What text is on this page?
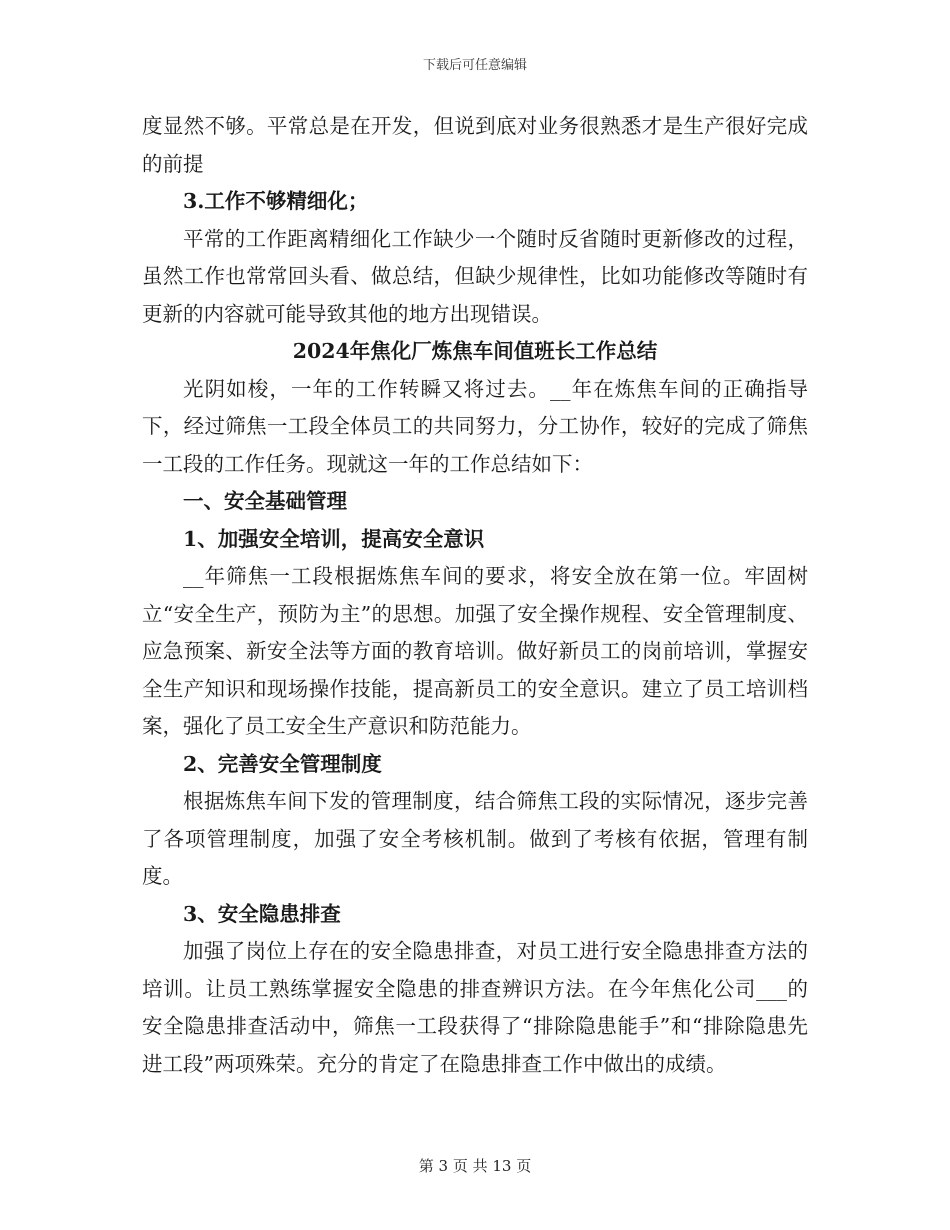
下载后可任意编辑

度显然不够。平常总是在开发，但说到底对业务很熟悉才是生产很好完成的前提

3.工作不够精细化；

平常的工作距离精细化工作缺少一个随时反省随时更新修改的过程，虽然工作也常常回头看、做总结，但缺少规律性，比如功能修改等随时有更新的内容就可能导致其他的地方出现错误。

2024年焦化厂炼焦车间值班长工作总结

光阴如梭，一年的工作转瞬又将过去。__年在炼焦车间的正确指导下，经过筛焦一工段全体员工的共同努力，分工协作，较好的完成了筛焦一工段的工作任务。现就这一年的工作总结如下：

一、安全基础管理

1、加强安全培训，提高安全意识

__年筛焦一工段根据炼焦车间的要求，将安全放在第一位。牢固树立“安全生产，预防为主”的思想。加强了安全操作规程、安全管理制度、应急预案、新安全法等方面的教育培训。做好新员工的岗前培训，掌握安全生产知识和现场操作技能，提高新员工的安全意识。建立了员工培训档案，强化了员工安全生产意识和防范能力。

2、完善安全管理制度

根据炼焦车间下发的管理制度，结合筛焦工段的实际情况，逐步完善了各项管理制度，加强了安全考核机制。做到了考核有依据，管理有制度。

3、安全隐患排查

加强了岗位上存在的安全隐患排查，对员工进行安全隐患排查方法的培训。让员工熟练掌握安全隐患的排查辨识方法。在今年焦化公司___的安全隐患排查活动中，筛焦一工段获得了“排除隐患能手”和“排除隐患先进工段”两项殊荣。充分的肯定了在隐患排查工作中做出的成绩。

第 3 页 共 13 页
